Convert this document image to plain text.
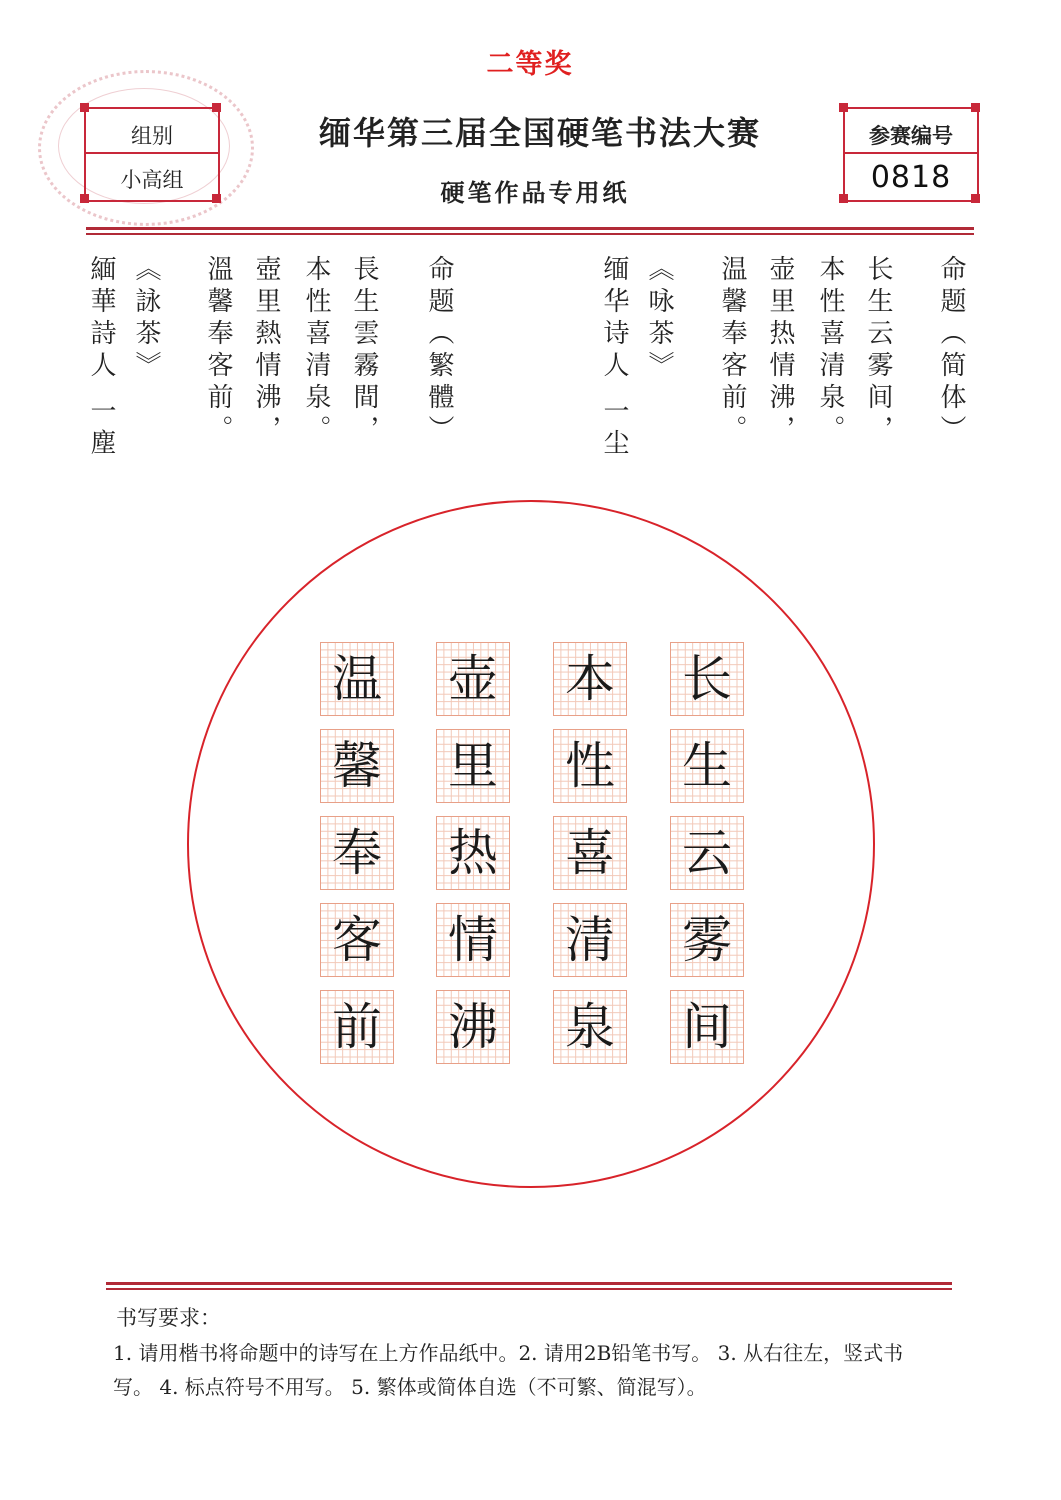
二等奖
组别
小高组
参赛编号
0818
缅华第三届全国硬笔书法大赛
硬笔作品专用纸
命题（简体）
长生云雾间，
本性喜清泉。
壶里热情沸，
温馨奉客前。
《咏茶》
缅华诗人 一尘
命题（繁體）
長生雲霧間，
本性喜清泉。
壺里熱情沸，
溫馨奉客前。
《詠茶》
緬華詩人 一塵
长
生
云
雾
间
本
性
喜
清
泉
壶
里
热
情
沸
温
馨
奉
客
前
书写要求：
1. 请用楷书将命题中的诗写在上方作品纸中。2. 请用2B铅笔书写。 3. 从右往左，竖式书
写。 4. 标点符号不用写。 5. 繁体或简体自选（不可繁、简混写）。
